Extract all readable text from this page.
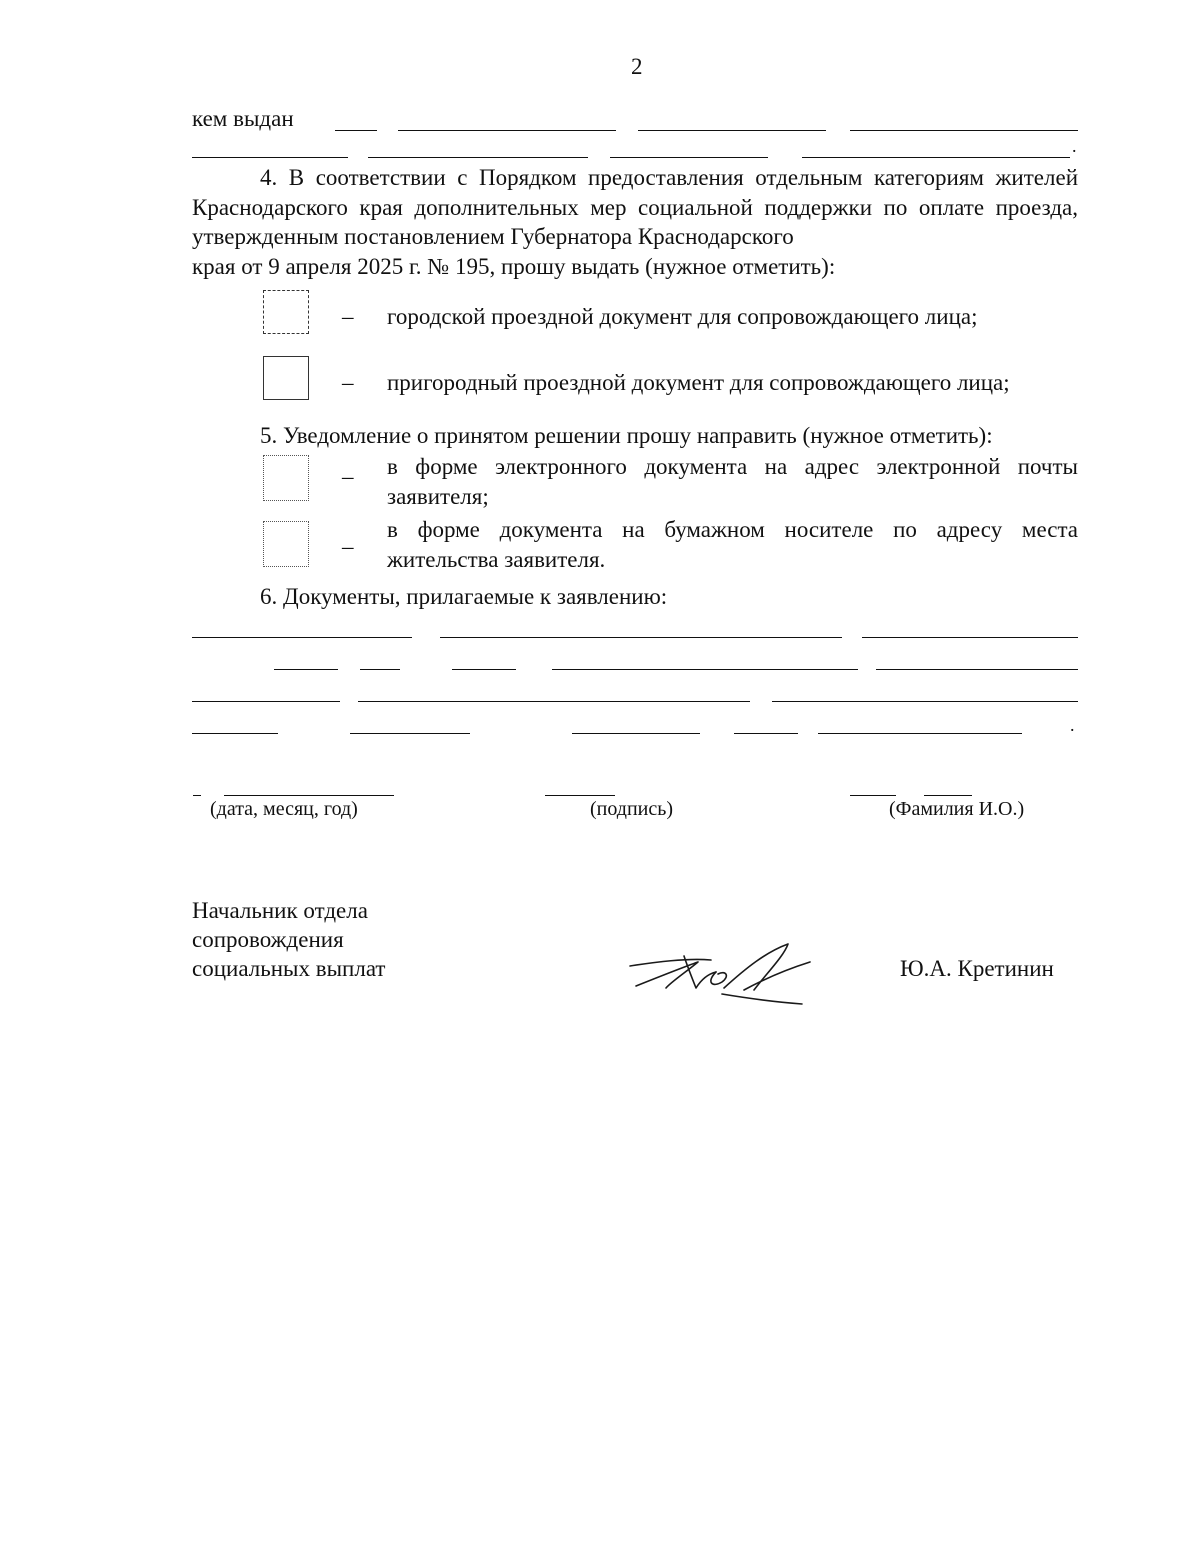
2
кем выдан
.
4. В соответствии с Порядком предоставления отдельным категориям жителей Краснодарского края дополнительных мер социальной поддержки по оплате проезда, утвержденным постановлением Губернатора Краснодарского
края от 9 апреля 2025 г. № 195, прошу выдать (нужное отметить):
– городской проездной документ для сопровождающего лица;
– пригородный проездной документ для сопровождающего лица;
5. Уведомление о принятом решении прошу направить (нужное отметить):
– в форме электронного документа на адрес электронной почты
заявителя;
–
в форме документа на бумажном носителе по адресу места
жительства заявителя.
6. Документы, прилагаемые к заявлению:
.
(дата, месяц, год)	(подпись)	(Фамилия И.О.)
Начальник отдела
сопровождения
социальных выплат	Ю.А. Кретинин
